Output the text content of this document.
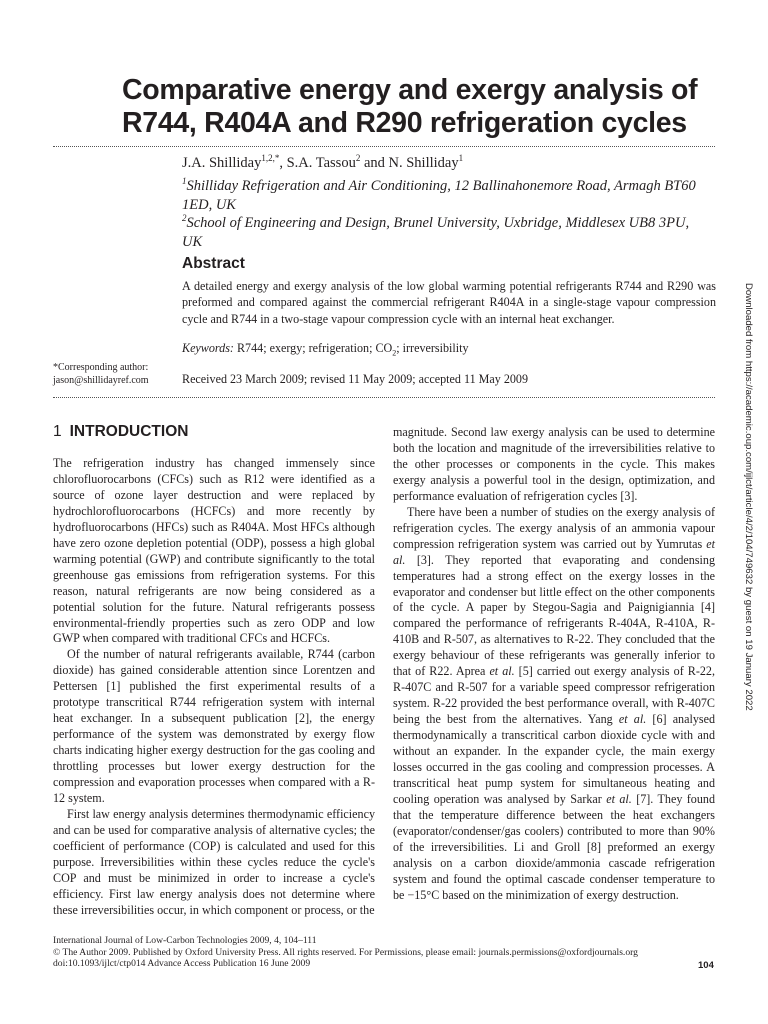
Comparative energy and exergy analysis of R744, R404A and R290 refrigeration cycles
J.A. Shilliday$^{1,2,*}$, S.A. Tassou$^2$ and N. Shilliday$^1$
$^1$Shilliday Refrigeration and Air Conditioning, 12 Ballinahonemore Road, Armagh BT60 1ED, UK
$^2$School of Engineering and Design, Brunel University, Uxbridge, Middlesex UB8 3PU, UK
Abstract

A detailed energy and exergy analysis of the low global warming potential refrigerants R744 and R290 was preformed and compared against the commercial refrigerant R404A in a single-stage vapour compression cycle and R744 in a two-stage vapour compression cycle with an internal heat exchanger.

Keywords: R744; exergy; refrigeration; $CO_2$; irreversibility
*Corresponding author:
jason@shillidayref.com	Received 23 March 2009; revised 11 May 2009; accepted 11 May 2009	Downloaded from https://academic.oup.com/ijlct/article/4/2/104/749632 by guest on 19 January 2022
1 INTRODUCTION

The refrigeration industry has changed immensely since chlorofluorocarbons (CFCs) such as R12 were identified as a source of ozone layer destruction and were replaced by hydrochlorofluorocarbons (HCFCs) and more recently by hydrofluorocarbons (HFCs) such as R404A. Most HFCs although have zero ozone depletion potential (ODP), possess a high global warming potential (GWP) and contribute significantly to the total greenhouse gas emissions from refrigeration systems. For this reason, natural refrigerants are now being considered as a potential solution for the future. Natural refrigerants possess environmental-friendly properties such as zero ODP and low GWP when compared with traditional CFCs and HCFCs.

Of the number of natural refrigerants available, R744 (carbon dioxide) has gained considerable attention since Lorentzen and Pettersen [1] published the first experimental results of a prototype transcritical R744 refrigeration system with internal heat exchanger. In a subsequent publication [2], the energy performance of the system was demonstrated by exergy flow charts indicating higher exergy destruction for the gas cooling and throttling processes but lower exergy destruction for the compression and evaporation processes when compared with a R-12 system.

First law energy analysis determines thermodynamic efficiency and can be used for comparative analysis of alternative cycles; the coefficient of performance (COP) is calculated and used for this purpose. Irreversibilities within these cycles reduce the cycle's COP and must be minimized in order to increase a cycle's efficiency. First law energy analysis does not determine where these irreversibilities occur, in which component or process, or the

magnitude. Second law exergy analysis can be used to determine both the location and magnitude of the irreversibilities relative to the other processes or components in the cycle. This makes exergy analysis a powerful tool in the design, optimization, and performance evaluation of refrigeration cycles [3].

There have been a number of studies on the exergy analysis of refrigeration cycles. The exergy analysis of an ammonia vapour compression refrigeration system was carried out by Yumrutas et al. [3]. They reported that evaporating and condensing temperatures had a strong effect on the exergy losses in the evaporator and condenser but little effect on the other components of the cycle. A paper by Stegou-Sagia and Paignigiannia [4] compared the performance of refrigerants R-404A, R-410A, R-410B and R-507, as alternatives to R-22. They concluded that the exergy behaviour of these refrigerants was generally inferior to that of R22. Aprea et al. [5] carried out exergy analysis of R-22, R-407C and R-507 for a variable speed compressor refrigeration system. R-22 provided the best performance overall, with R-407C being the best from the alternatives. Yang et al. [6] analysed thermodynamically a transcritical carbon dioxide cycle with and without an expander. In the expander cycle, the main exergy losses occurred in the gas cooling and compression processes. A transcritical heat pump system for simultaneous heating and cooling operation was analysed by Sarkar et al. [7]. They found that the temperature difference between the heat exchangers (evaporator/condenser/gas coolers) contributed to more than 90% of the irreversibilities. Li and Groll [8] preformed an exergy analysis on a carbon dioxide/ammonia cascade refrigeration system and found the optimal cascade condenser temperature to be −15°C based on the minimization of exergy destruction.

International Journal of Low-Carbon Technologies 2009, 4, 104–111
© The Author 2009. Published by Oxford University Press. All rights reserved. For Permissions, please email: journals.permissions@oxfordjournals.org
doi:10.1093/ijlct/ctp014 Advance Access Publication 16 June 2009	104
